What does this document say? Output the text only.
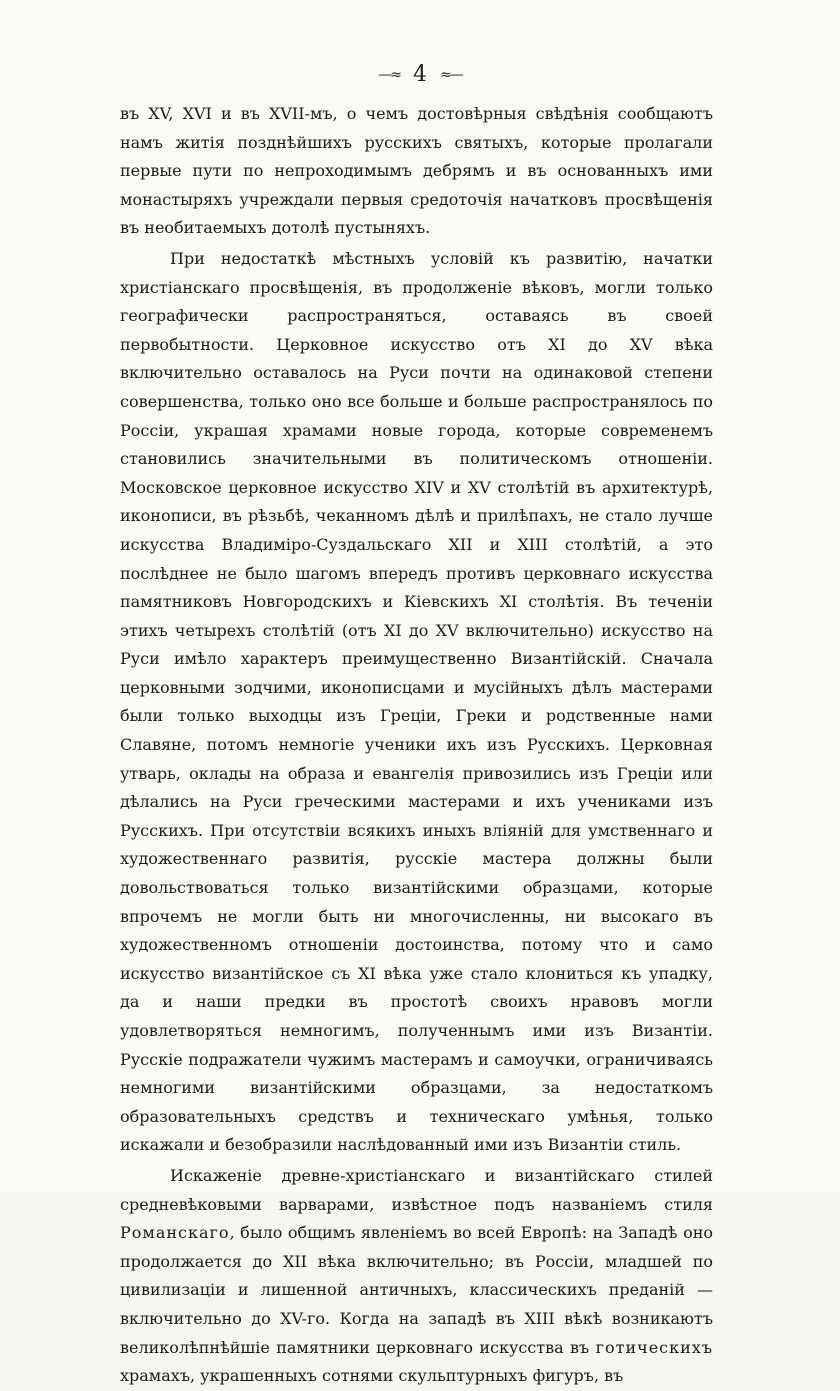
—≈ 4 ≈—

въ XV, XVI и въ XVII-мъ, о чемъ достовѣрныя свѣдѣнія сообщаютъ намъ житія позднѣйшихъ русскихъ святыхъ, которые пролагали первые пути по непроходимымъ дебрямъ и въ основанныхъ ими монастыряхъ учреждали первыя средоточія начатковъ просвѣщенія въ необитаемыхъ дотолѣ пустыняхъ.

При недостаткѣ мѣстныхъ условій къ развитію, начатки христіанскаго просвѣщенія, въ продолженіе вѣковъ, могли только географически распространяться, оставаясь въ своей первобытности. Церковное искусство отъ XI до XV вѣка включительно оставалось на Руси почти на одинаковой степени совершенства, только оно все больше и больше распространялось по Россіи, украшая храмами новые города, которые современемъ становились значительными въ политическомъ отношеніи. Московское церковное искусство XIV и XV столѣтій въ архитектурѣ, иконописи, въ рѣзьбѣ, чеканномъ дѣлѣ и прилѣпахъ, не стало лучше искусства Владиміро-Суздальскаго XII и XIII столѣтій, а это послѣднее не было шагомъ впередъ противъ церковнаго искусства памятниковъ Новгородскихъ и Кіевскихъ XI столѣтія. Въ теченіи этихъ четырехъ столѣтій (отъ XI до XV включительно) искусство на Руси имѣло характеръ преимущественно Византійскій. Сначала церковными зодчими, иконописцами и мусійныхъ дѣлъ мастерами были только выходцы изъ Греціи, Греки и родственные нами Славяне, потомъ немногіе ученики ихъ изъ Русскихъ. Церковная утварь, оклады на образа и евангелія привозились изъ Греціи или дѣлались на Руси греческими мастерами и ихъ учениками изъ Русскихъ. При отсутствіи всякихъ иныхъ вліяній для умственнаго и художественнаго развитія, русскіе мастера должны были довольствоваться только византійскими образцами, которые впрочемъ не могли быть ни многочисленны, ни высокаго въ художественномъ отношеніи достоинства, потому что и само искусство византійское съ XI вѣка уже стало клониться къ упадку, да и наши предки въ простотѣ своихъ нравовъ могли удовлетворяться немногимъ, полученнымъ ими изъ Византіи. Русскіе подражатели чужимъ мастерамъ и самоучки, ограничиваясь немногими византійскими образцами, за недостаткомъ образовательныхъ средствъ и техническаго умѣнья, только искажали и безобразили наслѣдованный ими изъ Византіи стиль.

Искаженіе древне-христіанскаго и византійскаго стилей средневѣковыми варварами, извѣстное подъ названіемъ стиля Романскаго, было общимъ явленіемъ во всей Европѣ: на Западѣ оно продолжается до XII вѣка включительно; въ Россіи, младшей по цивилизаціи и лишенной античныхъ, классическихъ преданій — включительно до XV-го. Когда на западѣ въ XIII вѣкѣ возникаютъ великолѣпнѣйшіе памятники церковнаго искусства въ готическихъ храмахъ, украшенныхъ сотнями скульптурныхъ фигуръ, въ
